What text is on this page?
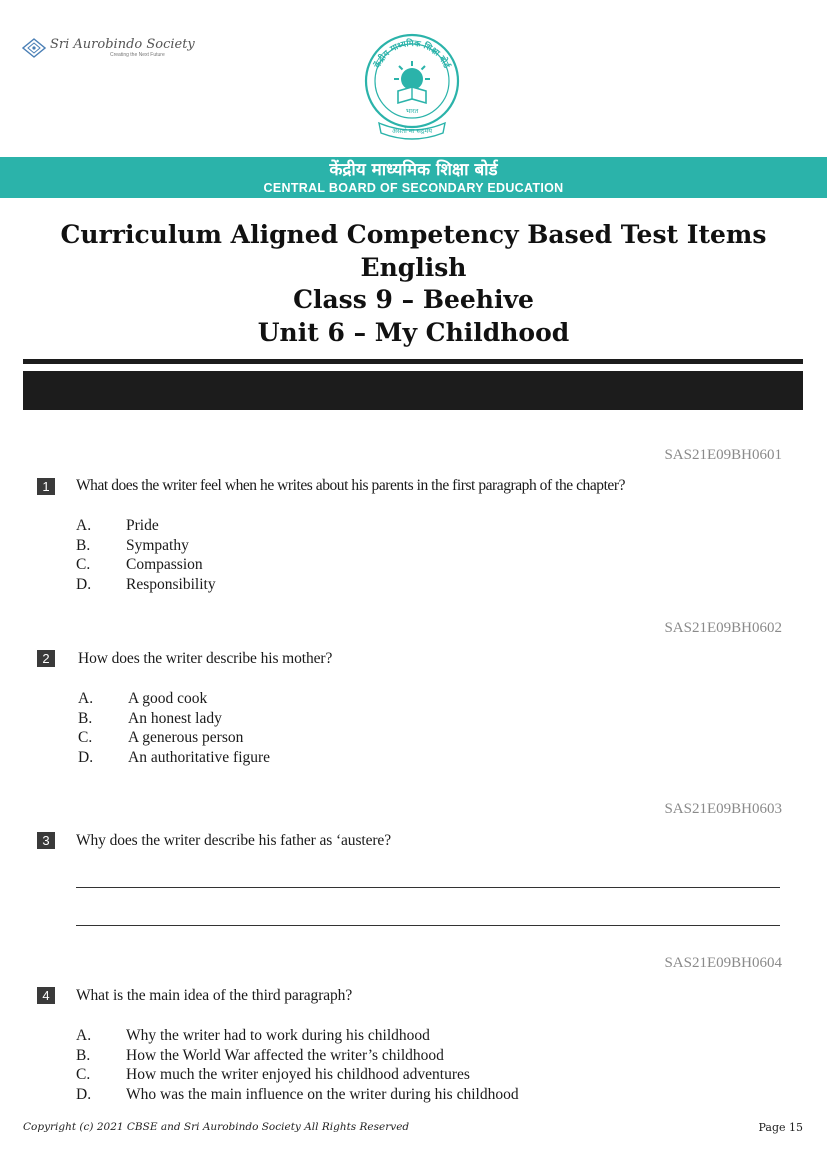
Sri Aurobindo Society
Creating the Next Future
केंद्रीय माध्यमिक शिक्षा बोर्ड
भारत
असतो मा सद्गमय
केंद्रीय माध्यमिक शिक्षा बोर्ड
CENTRAL BOARD OF SECONDARY EDUCATION
Curriculum Aligned Competency Based Test Items
English
Class 9 – Beehive
Unit 6 – My Childhood
SAS21E09BH0601
1	What does the writer feel when he writes about his parents in the first paragraph of the chapter?
A. Pride
B. Sympathy
C. Compassion
D. Responsibility
SAS21E09BH0602
2	How does the writer describe his mother?
A. A good cook
B. An honest lady
C. A generous person
D. An authoritative figure
SAS21E09BH0603
3	Why does the writer describe his father as ‘austere?
SAS21E09BH0604
4	What is the main idea of the third paragraph?
A. Why the writer had to work during his childhood
B. How the World War affected the writer’s childhood
C. How much the writer enjoyed his childhood adventures
D. Who was the main influence on the writer during his childhood
Copyright (c) 2021 CBSE and Sri Aurobindo Society All Rights Reserved	Page 15
